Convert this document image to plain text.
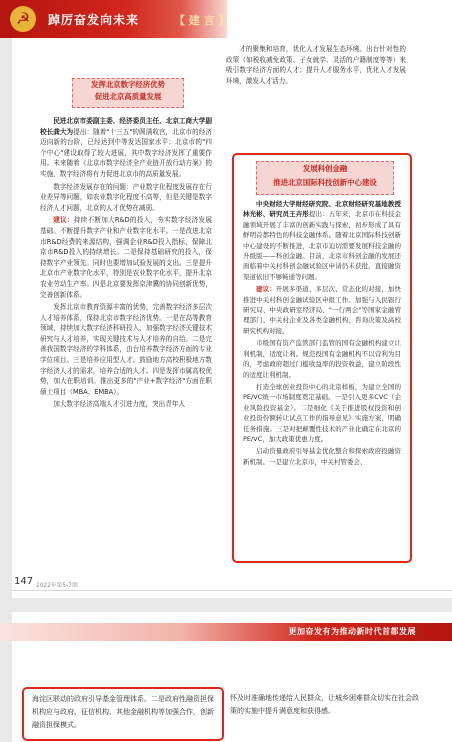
☭	踔厉奋发向未来	【 建 言 】
发挥北京数字经济优势
促进北京高质量发展

民进北京市委副主委、经济委员主任、北京工商大学副校长龚大为提出：随着"十三五"的圆满收官，北京市的经济迈向新的台阶，已经达到中等发达国家水平；北京市的"四个中心"建设取得了较大进展，其中数字经济发挥了重要作用。未来随着《北京市数字经济全产业链开放行动方案》的实施，数字经济将有力促进北京市的高质量发展。

数字经济发展存在的问题：产业数字化程度发展存在行业差异等问题，如农业数字化程度不高等，但是关键是数字经济人才问题，北京的人才优势在减弱。

建议：持续不断加大R&D的投入，夯实数字经济发展基础。不断提升数字产业和产业数字化水平。一是改进北京市R&D经费的来源结构，强调企业R&D投入指标，保障北京市R&D投入的持续增长。二是保持基础研究的投入，保持数字产业领先。同时也要增加试验发展的支出。三是提升北京市产业数字化水平，特别是农业数字化水平，提升北京农业劳动生产率。四是北京要发挥京津冀的协同创新优势，完善创新体系。

发挥北京市教育资源丰富的优势，完善数字经济多层次人才培养体系，保持北京市数字经济优势。一是在高等教育领域，持续加大数字经济科研投入，加强数字经济关键技术研究与人才培养，实现关键技术与人才培养的自给。二是完善我国数字经济的学科体系，由台培养数字经济方面的专业学位项目。三是培养应用型人才。鼓励地方高校积极地方数字经济人才的需求，培养合适的人才。四是发挥市属高校优势，加大在职培训。推出更多的"产业+数字经济"方面在职硕士项目（MBA、EMBA）。

加大数字经济高端人才引进力度，突出青年人

才的聚集和培育，优化人才发展生态环境。出台针对性的政策（如税收减免政策、子女就学、灵活的户籍制度等等）来吸引数字经济方面的人才；提升人才服务水平，优化人才发展环境，激发人才活力。

发展科创金融
推进北京国际科技创新中心建设

中央财经大学财经研究院、北京财经研究基地教授林光彬、研究员王卉彤提出：五年来，北京市在科技金融领域开展了丰富的创新实践与探索，初步形成了具有鲜明首都特色的科技金融体系。随着北京国际科技创新中心建设的不断推进，北京市迫切需要发展科技金融的升级版——科创金融。目前，北京市科创金融的发展还面临着中关村科创金融试验区申请仍未获批，直接融资渠道依旧不够畅通等问题。

建议：开展多渠道、多层次、常态化的对接，加快推进中关村科创金融试验区申报工作。加强与人民银行研究局、中央政研室经济局、"一行两会"等国家金融管理部门、中关村企业及各类金融机构、咨询决策及高校研究机构对接。

市级国有资产监管部门监管的国有金融机构建立让利机制，适度让利。规范投国有金融机构不以营利为目的，考虑政府超过门槛收益率的投资收益，建立阶段性的适度让利机制。

打造全球创业投资中心的北京样板，为建立全国的PE/VC统一市场制度奠定基础。一是引入更多CVC（企业风险投资基金）。二是细化《关于推进股权投资和创业投资份额转让试点工作的指导意见》实施方案，明确任务措施。三是对把颠覆性技术的产业化确定在北京的PE/VC，加大政策优惠力度。

启动资量政府引导基金优化整合和探索政府投融资新机制。一是建立北京市，中关村管委会、

147 2022年第5-7期
更加奋发有为推动新时代首都发展
海淀区联动的政府引导基金管理体系。二是政府性融资担保机构应与政府、征信机构、其他金融机构等加强合作，创新融资担保模式。
怀及时准确地传递给人民群众，让城乡困难群众切实在社会政策的实施中提升满意度和获得感。
